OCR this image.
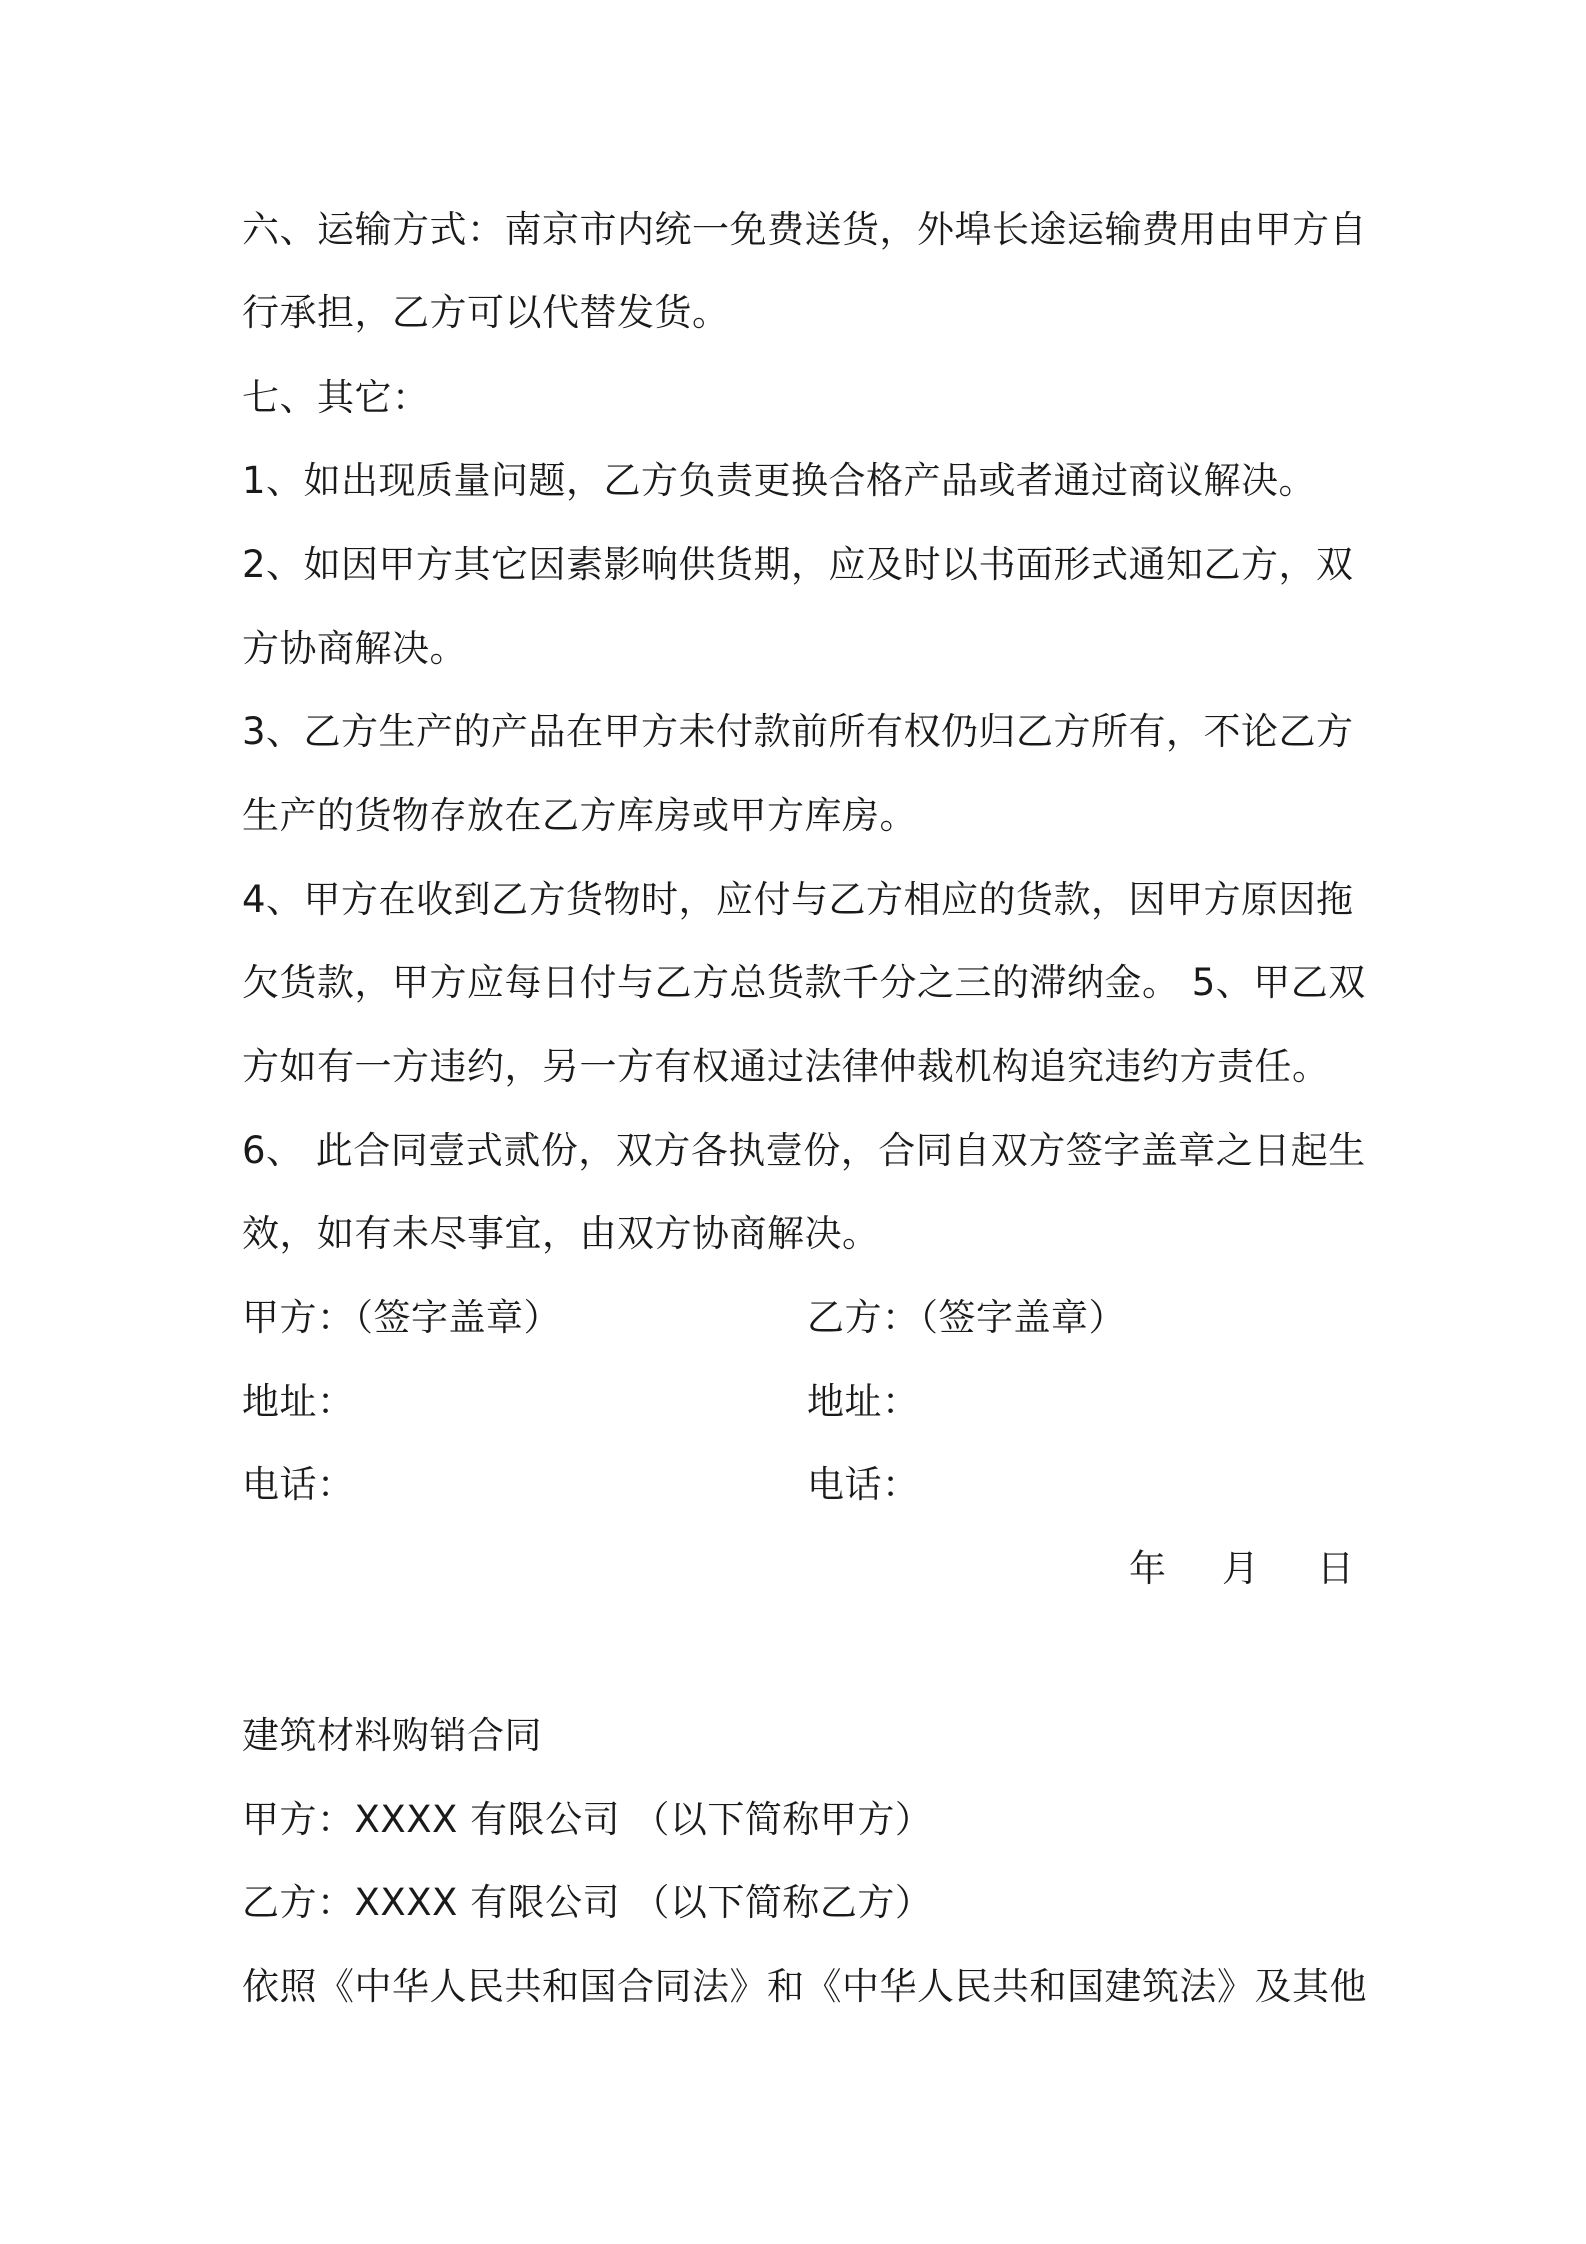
六、运输方式：南京市内统一免费送货，外埠长途运输费用由甲方自
行承担，乙方可以代替发货。
七、其它：
1、如出现质量问题，乙方负责更换合格产品或者通过商议解决。
2、如因甲方其它因素影响供货期，应及时以书面形式通知乙方，双
方协商解决。
3、乙方生产的产品在甲方未付款前所有权仍归乙方所有，不论乙方
生产的货物存放在乙方库房或甲方库房。
4、甲方在收到乙方货物时，应付与乙方相应的货款，因甲方原因拖
欠货款，甲方应每日付与乙方总货款千分之三的滞纳金。 5、甲乙双
方如有一方违约，另一方有权通过法律仲裁机构追究违约方责任。
6、 此合同壹式贰份，双方各执壹份，合同自双方签字盖章之日起生
效，如有未尽事宜，由双方协商解决。
甲方：（签字盖章）	乙方：（签字盖章）
地址：	地址：
电话：	电话：
年 月 日
建筑材料购销合同
甲方：XXXX 有限公司 （以下简称甲方）
乙方：XXXX 有限公司 （以下简称乙方）
依照《中华人民共和国合同法》和《中华人民共和国建筑法》及其他
